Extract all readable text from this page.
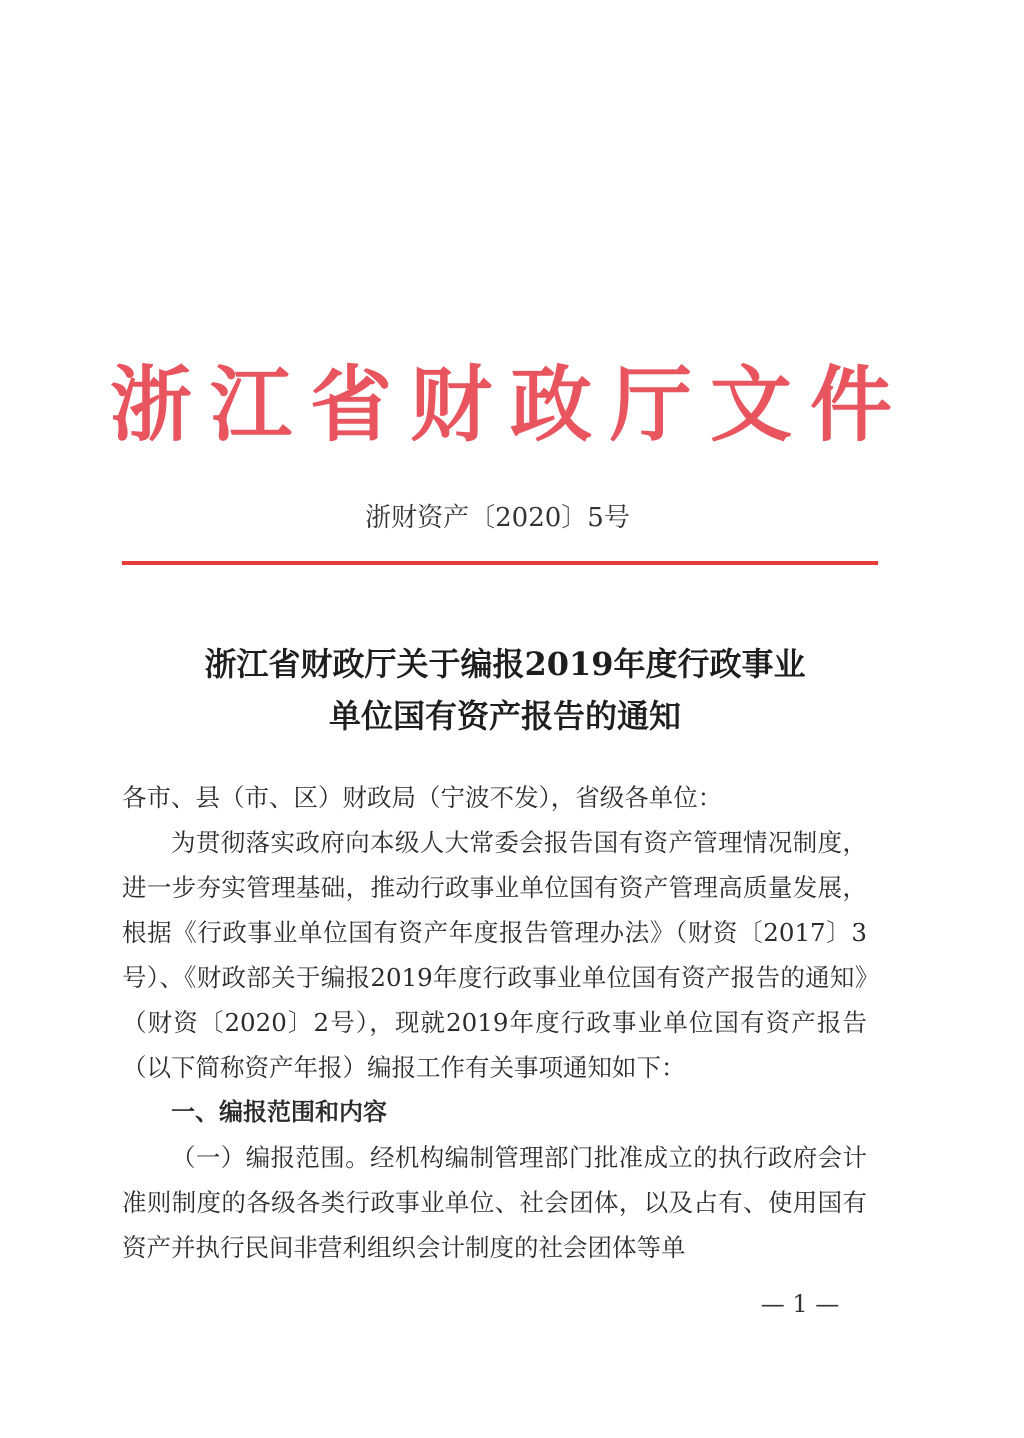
浙江省财政厅文件
浙财资产〔2020〕5号
浙江省财政厅关于编报2019年度行政事业
单位国有资产报告的通知

各市、县（市、区）财政局（宁波不发），省级各单位：

为贯彻落实政府向本级人大常委会报告国有资产管理情况制度，进一步夯实管理基础，推动行政事业单位国有资产管理高质量发展，根据《行政事业单位国有资产年度报告管理办法》（财资〔2017〕3号）、《财政部关于编报2019年度行政事业单位国有资产报告的通知》（财资〔2020〕2号），现就2019年度行政事业单位国有资产报告（以下简称资产年报）编报工作有关事项通知如下：

一、编报范围和内容

（一）编报范围。经机构编制管理部门批准成立的执行政府会计准则制度的各级各类行政事业单位、社会团体，以及占有、使用国有资产并执行民间非营利组织会计制度的社会团体等单

— 1 —
